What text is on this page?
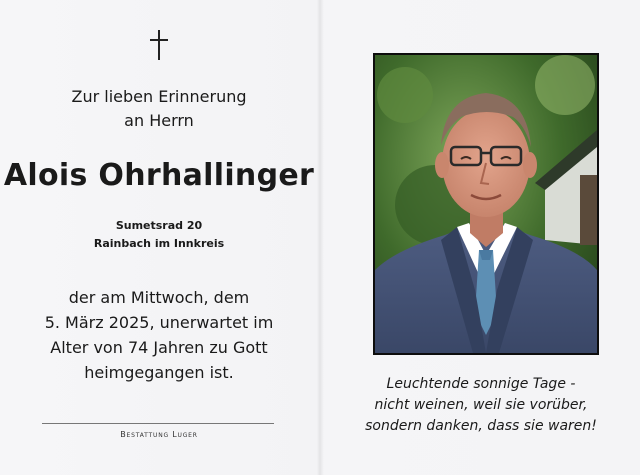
Zur lieben Erinnerung
an Herrn
Alois Ohrhallinger
Sumetsrad 20
Rainbach im Innkreis
der am Mittwoch, dem
5. März 2025, unerwartet im
Alter von 74 Jahren zu Gott
heimgegangen ist.
Bestattung Luger
Leuchtende sonnige Tage -
nicht weinen, weil sie vorüber,
sondern danken, dass sie waren!
